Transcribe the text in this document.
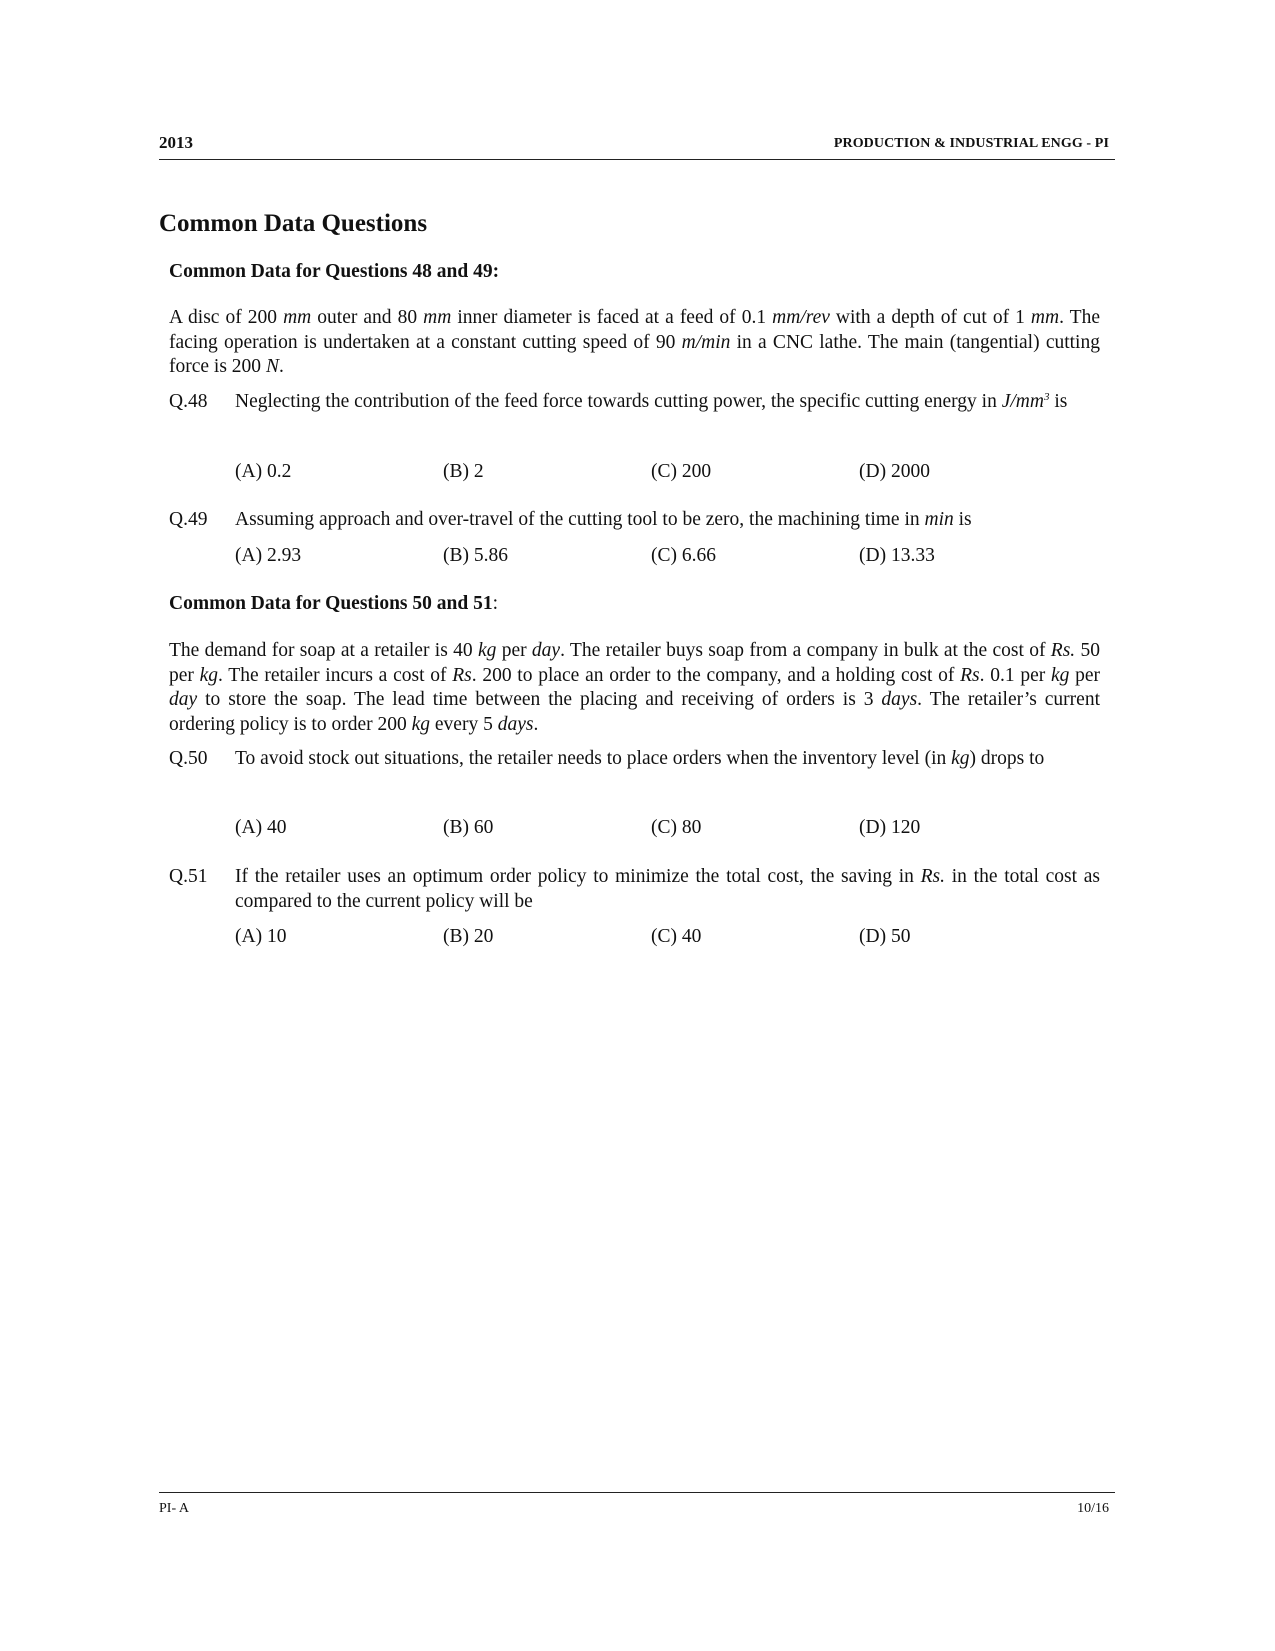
2013	PRODUCTION & INDUSTRIAL ENGG - PI
Common Data Questions
Common Data for Questions 48 and 49:
A disc of 200 mm outer and 80 mm inner diameter is faced at a feed of 0.1 mm/rev with a depth of cut of 1 mm. The facing operation is undertaken at a constant cutting speed of 90 m/min in a CNC lathe. The main (tangential) cutting force is 200 N.
Q.48 Neglecting the contribution of the feed force towards cutting power, the specific cutting energy in $J/mm^3$ is
(A) 0.2	(B) 2	(C) 200	(D) 2000
Q.49 Assuming approach and over-travel of the cutting tool to be zero, the machining time in min is
(A) 2.93	(B) 5.86	(C) 6.66	(D) 13.33
Common Data for Questions 50 and 51:
The demand for soap at a retailer is 40 kg per day. The retailer buys soap from a company in bulk at the cost of Rs. 50 per kg. The retailer incurs a cost of Rs. 200 to place an order to the company, and a holding cost of Rs. 0.1 per kg per day to store the soap. The lead time between the placing and receiving of orders is 3 days. The retailer’s current ordering policy is to order 200 kg every 5 days.
Q.50 To avoid stock out situations, the retailer needs to place orders when the inventory level (in kg) drops to
(A) 40	(B) 60	(C) 80	(D) 120
Q.51 If the retailer uses an optimum order policy to minimize the total cost, the saving in Rs. in the total cost as compared to the current policy will be
(A) 10	(B) 20	(C) 40	(D) 50
PI- A	10/16
